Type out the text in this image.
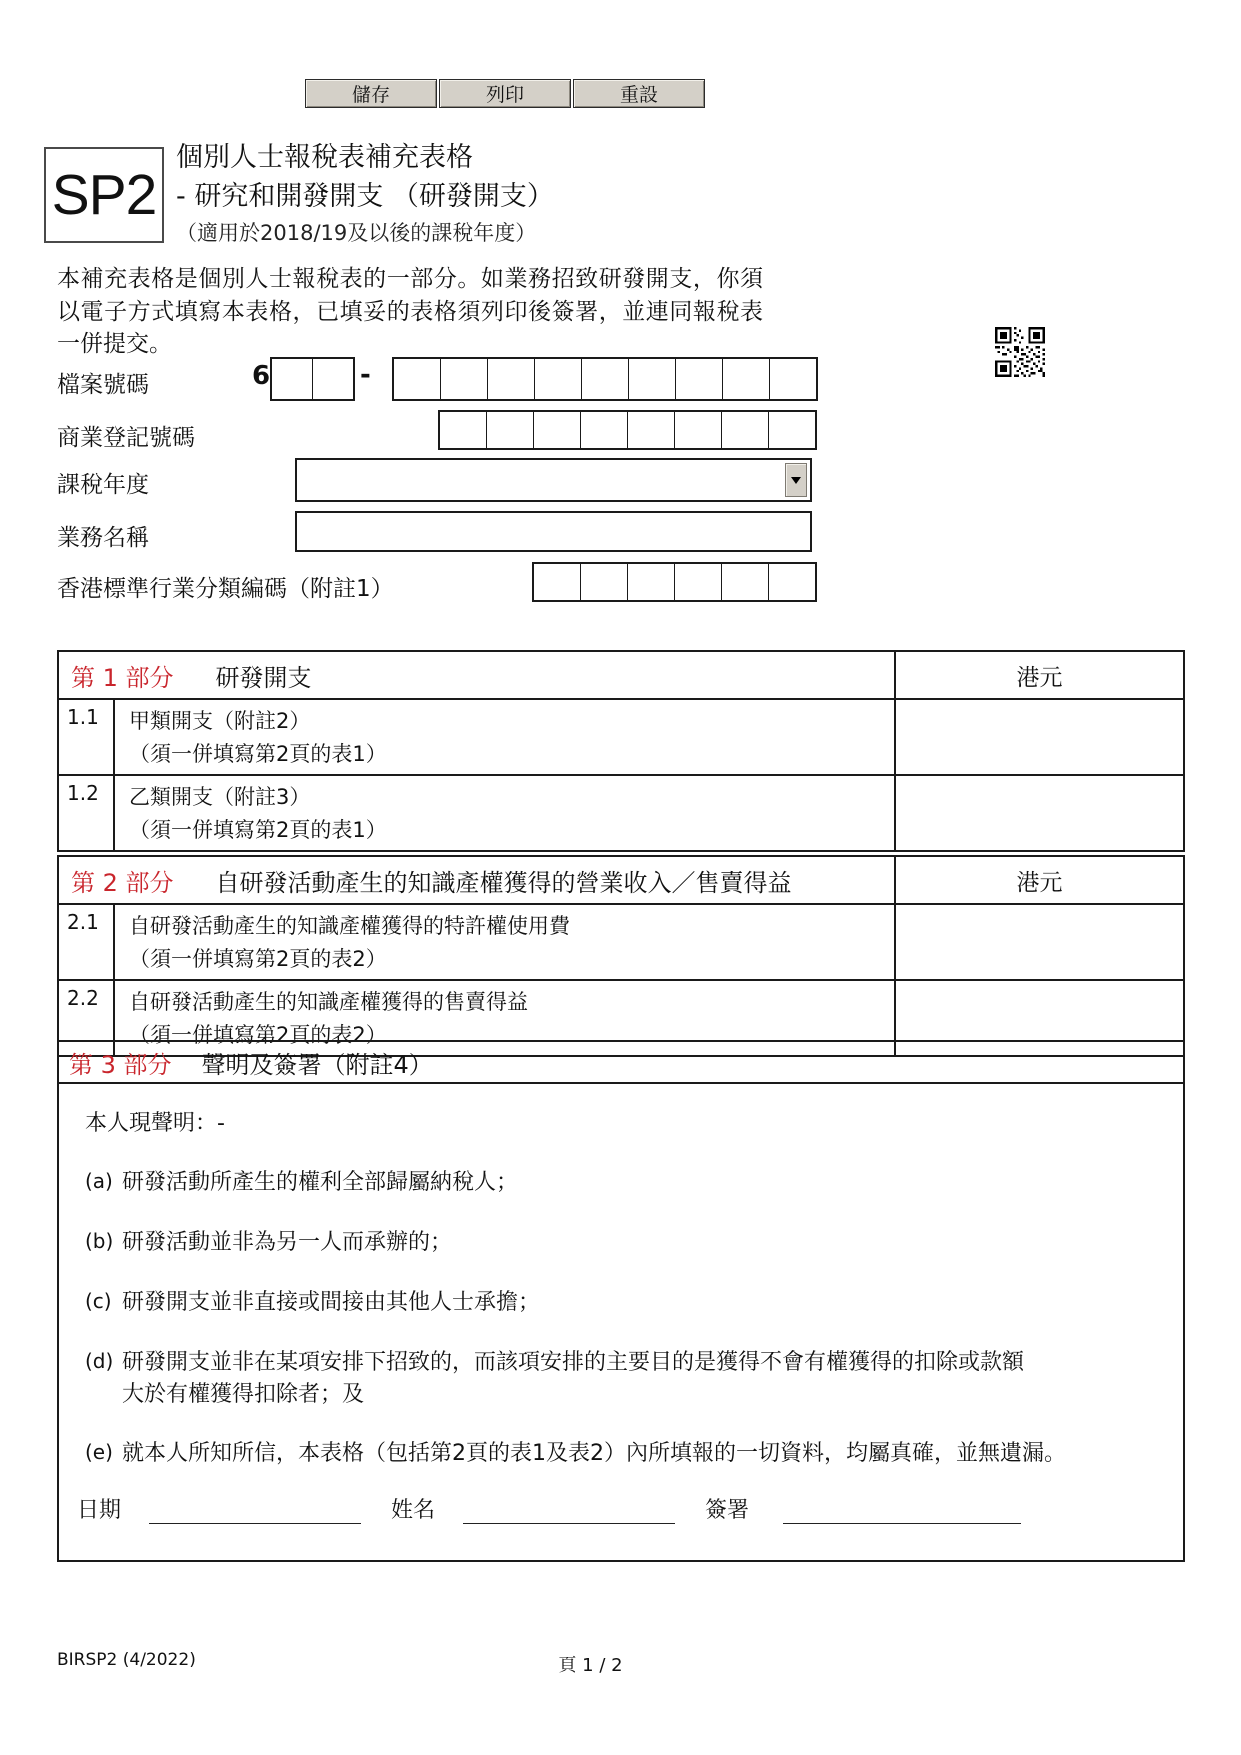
儲存	列印	重設
SP2
個別人士報稅表補充表格
- 研究和開發開支 （研發開支）
（適用於2018/19及以後的課稅年度）
本補充表格是個別人士報稅表的一部分。如業務招致研發開支，你須以電子方式填寫本表格，已填妥的表格須列印後簽署，並連同報稅表一併提交。
檔案號碼	6	-
商業登記號碼
課稅年度
業務名稱
香港標準行業分類編碼（附註1）
第 1 部分 研發開支	港元
1.1	甲類開支（附註2）
（須一併填寫第2頁的表1）
1.2	乙類開支（附註3）
（須一併填寫第2頁的表1）
第 2 部分 自研發活動產生的知識產權獲得的營業收入／售賣得益	港元
2.1	自研發活動產生的知識產權獲得的特許權使用費
（須一併填寫第2頁的表2）
2.2	自研發活動產生的知識產權獲得的售賣得益
（須一併填寫第2頁的表2）
第 3 部分 聲明及簽署（附註4）
本人現聲明：-
(a) 研發活動所產生的權利全部歸屬納稅人；
(b) 研發活動並非為另一人而承辦的；
(c) 研發開支並非直接或間接由其他人士承擔；
(d) 研發開支並非在某項安排下招致的，而該項安排的主要目的是獲得不會有權獲得的扣除或款額
大於有權獲得扣除者；及
(e) 就本人所知所信，本表格（包括第2頁的表1及表2）內所填報的一切資料，均屬真確，並無遺漏。
日期	姓名	簽署
BIRSP2 (4/2022)	頁 1 / 2
